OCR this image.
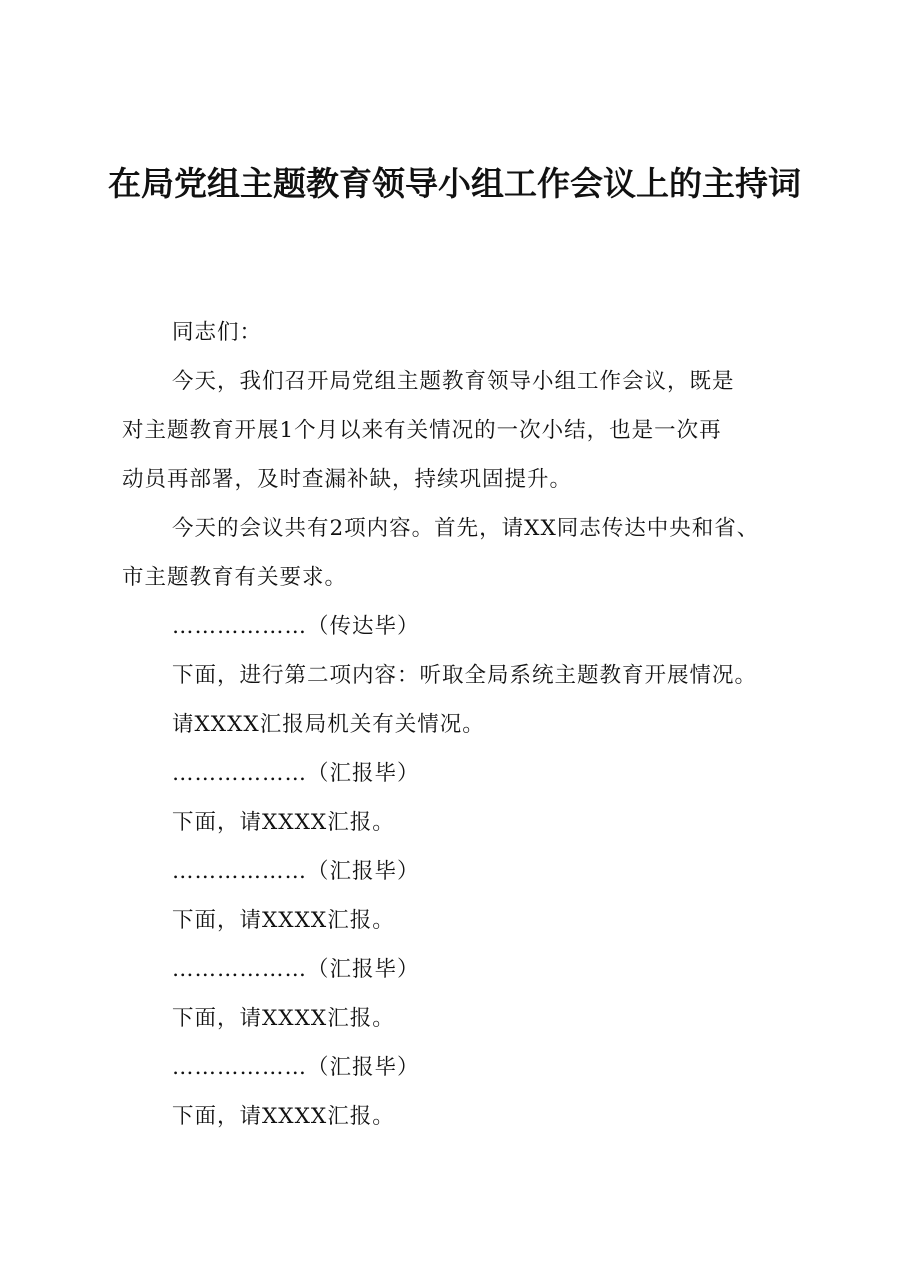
在局党组主题教育领导小组工作会议上的主持词

同志们：

今天，我们召开局党组主题教育领导小组工作会议，既是
对主题教育开展1个月以来有关情况的一次小结，也是一次再
动员再部署，及时查漏补缺，持续巩固提升。

今天的会议共有2项内容。首先，请XX同志传达中央和省、
市主题教育有关要求。

………………（传达毕）

下面，进行第二项内容：听取全局系统主题教育开展情况。

请XXXX汇报局机关有关情况。

………………（汇报毕）

下面，请XXXX汇报。

………………（汇报毕）

下面，请XXXX汇报。

………………（汇报毕）

下面，请XXXX汇报。

………………（汇报毕）

下面，请XXXX汇报。
